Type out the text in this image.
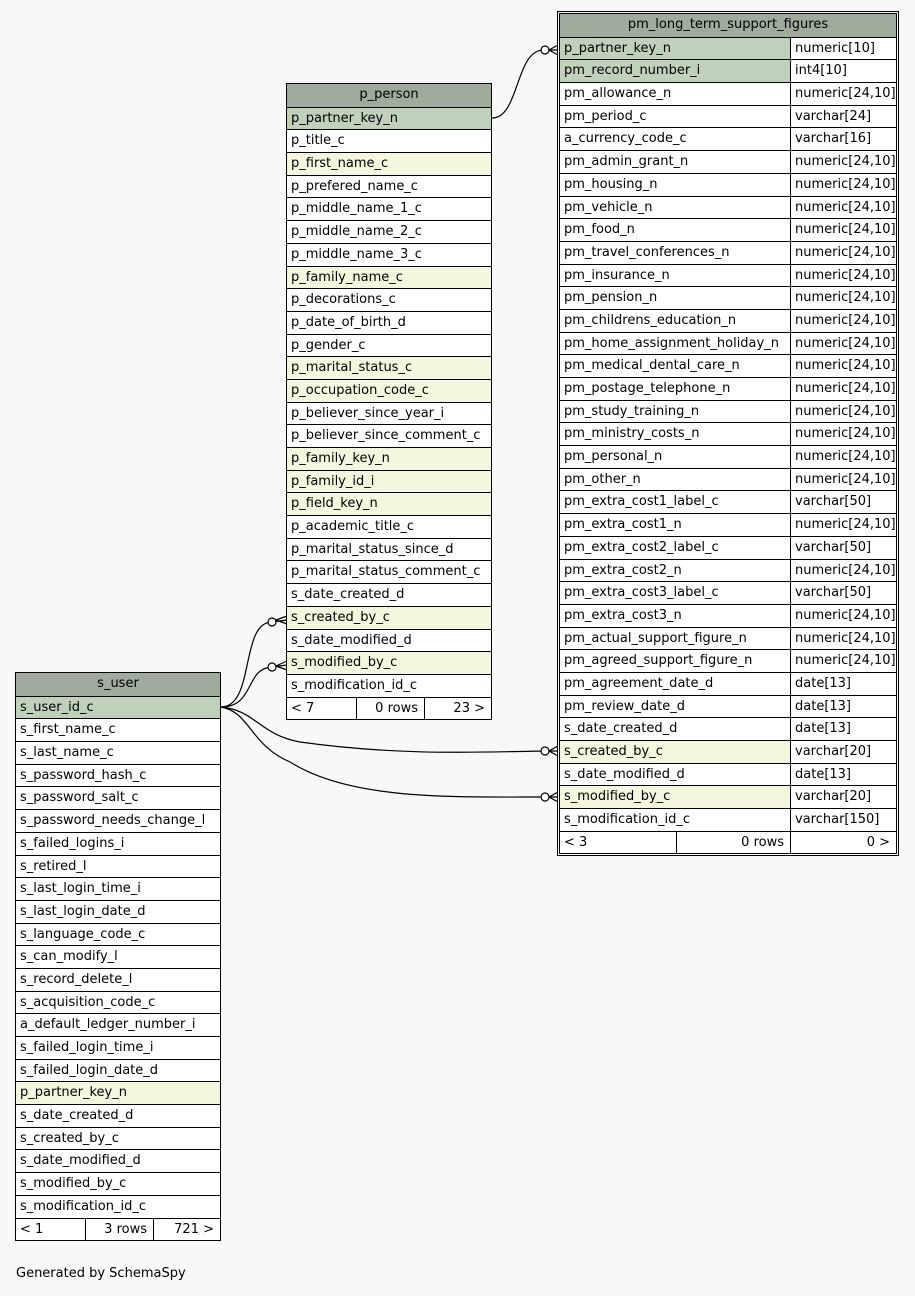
pm_long_term_support_figures
p_partner_key_n	numeric[10]
pm_record_number_i	int4[10]
pm_allowance_n	numeric[24,10]
pm_period_c	varchar[24]
a_currency_code_c	varchar[16]
pm_admin_grant_n	numeric[24,10]
pm_housing_n	numeric[24,10]
pm_vehicle_n	numeric[24,10]
pm_food_n	numeric[24,10]
pm_travel_conferences_n	numeric[24,10]
pm_insurance_n	numeric[24,10]
pm_pension_n	numeric[24,10]
pm_childrens_education_n	numeric[24,10]
pm_home_assignment_holiday_n	numeric[24,10]
pm_medical_dental_care_n	numeric[24,10]
pm_postage_telephone_n	numeric[24,10]
pm_study_training_n	numeric[24,10]
pm_ministry_costs_n	numeric[24,10]
pm_personal_n	numeric[24,10]
pm_other_n	numeric[24,10]
pm_extra_cost1_label_c	varchar[50]
pm_extra_cost1_n	numeric[24,10]
pm_extra_cost2_label_c	varchar[50]
pm_extra_cost2_n	numeric[24,10]
pm_extra_cost3_label_c	varchar[50]
pm_extra_cost3_n	numeric[24,10]
pm_actual_support_figure_n	numeric[24,10]
pm_agreed_support_figure_n	numeric[24,10]
pm_agreement_date_d	date[13]
pm_review_date_d	date[13]
s_date_created_d	date[13]
s_created_by_c	varchar[20]
s_date_modified_d	date[13]
s_modified_by_c	varchar[20]
s_modification_id_c	varchar[150]
< 3	0 rows	0 >
p_person
p_partner_key_n
p_title_c
p_first_name_c
p_prefered_name_c
p_middle_name_1_c
p_middle_name_2_c
p_middle_name_3_c
p_family_name_c
p_decorations_c
p_date_of_birth_d
p_gender_c
p_marital_status_c
p_occupation_code_c
p_believer_since_year_i
p_believer_since_comment_c
p_family_key_n
p_family_id_i
p_field_key_n
p_academic_title_c
p_marital_status_since_d
p_marital_status_comment_c
s_date_created_d
s_created_by_c
s_date_modified_d
s_modified_by_c
s_modification_id_c
< 7	0 rows	23 >
s_user
s_user_id_c
s_first_name_c
s_last_name_c
s_password_hash_c
s_password_salt_c
s_password_needs_change_l
s_failed_logins_i
s_retired_l
s_last_login_time_i
s_last_login_date_d
s_language_code_c
s_can_modify_l
s_record_delete_l
s_acquisition_code_c
a_default_ledger_number_i
s_failed_login_time_i
s_failed_login_date_d
p_partner_key_n
s_date_created_d
s_created_by_c
s_date_modified_d
s_modified_by_c
s_modification_id_c
< 1	3 rows	721 >
Generated by SchemaSpy
